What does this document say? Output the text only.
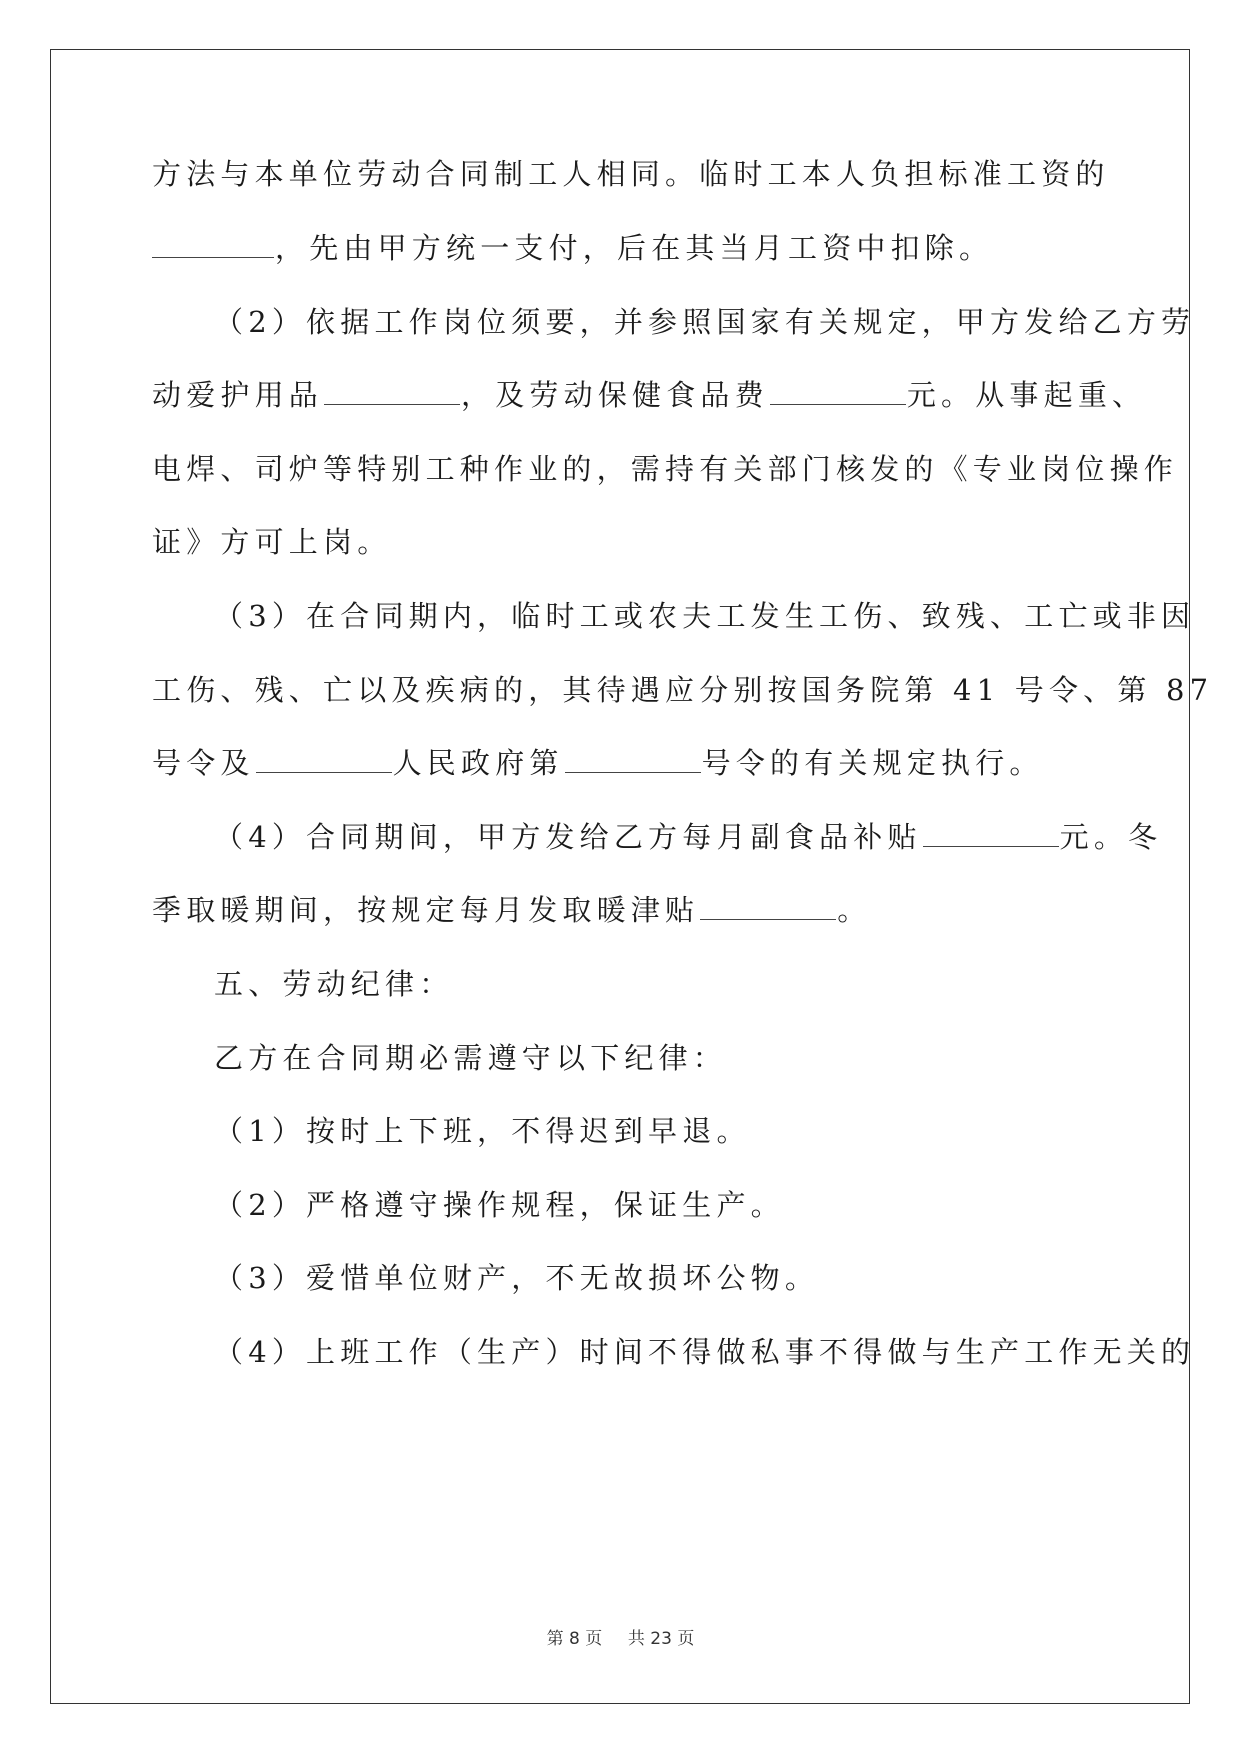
方法与本单位劳动合同制工人相同。临时工本人负担标准工资的
，先由甲方统一支付，后在其当月工资中扣除。
（2）依据工作岗位须要，并参照国家有关规定，甲方发给乙方劳
动爱护用品	，及劳动保健食品费	元。从事起重、
电焊、司炉等特别工种作业的，需持有关部门核发的《专业岗位操作
证》方可上岗。
（3）在合同期内，临时工或农夫工发生工伤、致残、工亡或非因
工伤、残、亡以及疾病的，其待遇应分别按国务院第 41 号令、第 87
号令及	人民政府第	号令的有关规定执行。
（4）合同期间，甲方发给乙方每月副食品补贴	元。冬
季取暖期间，按规定每月发取暖津贴	。
五、劳动纪律：
乙方在合同期必需遵守以下纪律：
（1）按时上下班，不得迟到早退。
（2）严格遵守操作规程，保证生产。
（3）爱惜单位财产，不无故损坏公物。
（4）上班工作（生产）时间不得做私事不得做与生产工作无关的
第 8 页 共 23 页
